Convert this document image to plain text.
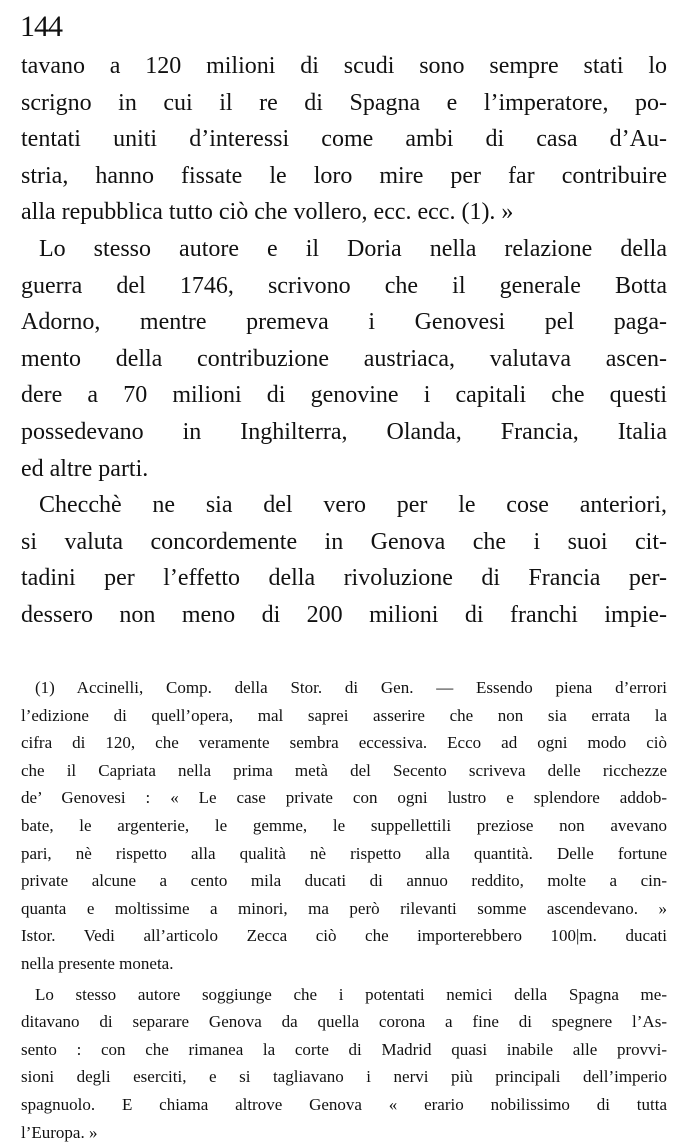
144
tavano a 120 milioni di scudi sono sempre stati lo
scrigno in cui il re di Spagna e l’imperatore, po-
tentati uniti d’interessi come ambi di casa d’Au-
stria, hanno fissate le loro mire per far contribuire
alla repubblica tutto ciò che vollero, ecc. ecc. (1). »
Lo stesso autore e il Doria nella relazione della
guerra del 1746, scrivono che il generale Botta
Adorno, mentre premeva i Genovesi pel paga-
mento della contribuzione austriaca, valutava ascen-
dere a 70 milioni di genovine i capitali che questi
possedevano in Inghilterra, Olanda, Francia, Italia
ed altre parti.
Checchè ne sia del vero per le cose anteriori,
si valuta concordemente in Genova che i suoi cit-
tadini per l’effetto della rivoluzione di Francia per-
dessero non meno di 200 milioni di franchi impie-
(1) Accinelli, Comp. della Stor. di Gen. — Essendo piena d’errori
l’edizione di quell’opera, mal saprei asserire che non sia errata la
cifra di 120, che veramente sembra eccessiva. Ecco ad ogni modo ciò
che il Capriata nella prima metà del Secento scriveva delle ricchezze
de’ Genovesi : « Le case private con ogni lustro e splendore addob-
bate, le argenterie, le gemme, le suppellettili preziose non avevano
pari, nè rispetto alla qualità nè rispetto alla quantità. Delle fortune
private alcune a cento mila ducati di annuo reddito, molte a cin-
quanta e moltissime a minori, ma però rilevanti somme ascendevano. »
Istor. Vedi all’articolo Zecca ciò che importerebbero 100|m. ducati
nella presente moneta.
Lo stesso autore soggiunge che i potentati nemici della Spagna me-
ditavano di separare Genova da quella corona a fine di spegnere l’As-
sento : con che rimanea la corte di Madrid quasi inabile alle provvi-
sioni degli eserciti, e si tagliavano i nervi più principali dell’imperio
spagnuolo. E chiama altrove Genova « erario nobilissimo di tutta
l’Europa. »
